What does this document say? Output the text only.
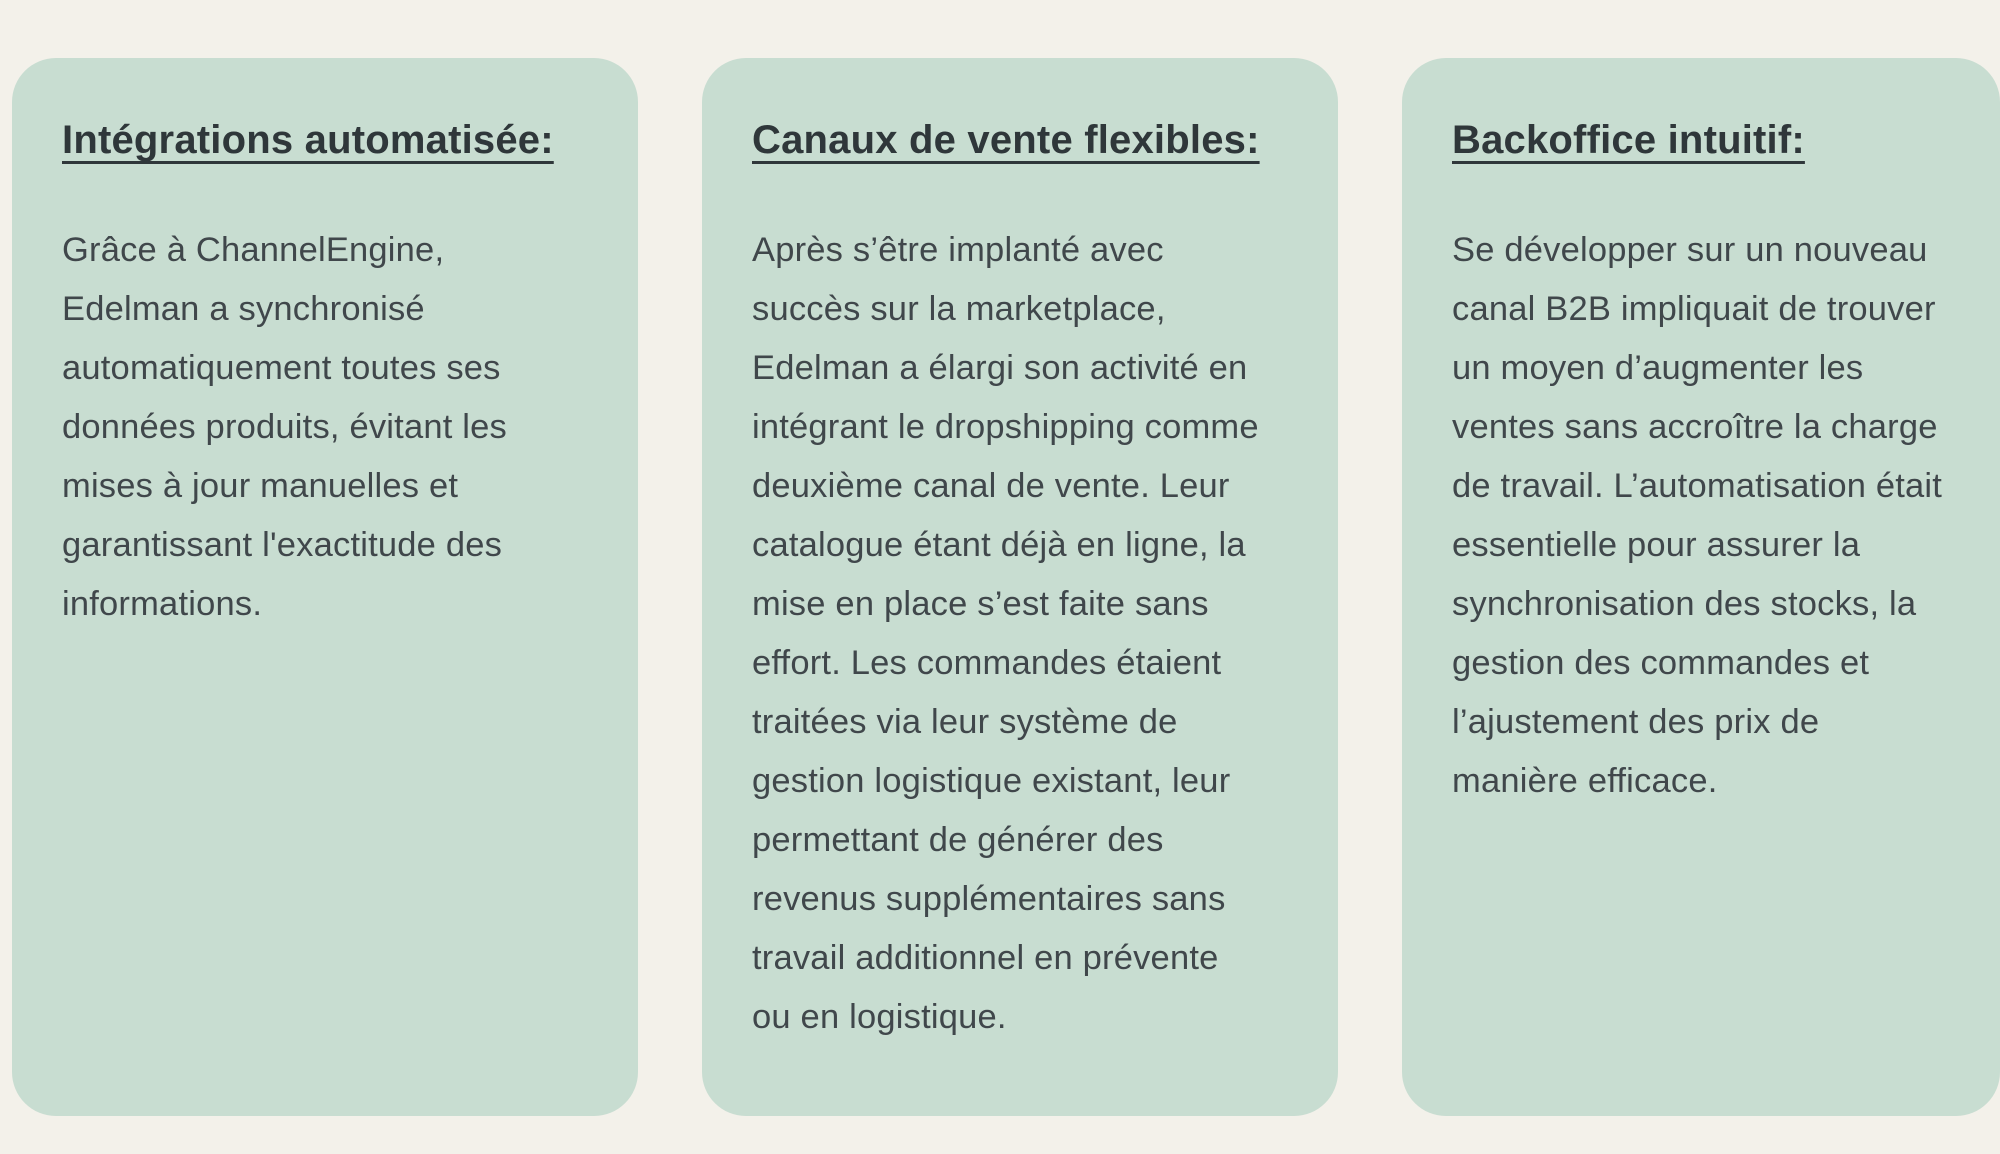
Intégrations automatisée:
Grâce à ChannelEngine, Edelman a synchronisé automatiquement toutes ses données produits, évitant les mises à jour manuelles et garantissant l'exactitude des informations.
Canaux de vente flexibles:
Après s’être implanté avec succès sur la marketplace, Edelman a élargi son activité en intégrant le dropshipping comme deuxième canal de vente. Leur catalogue étant déjà en ligne, la mise en place s’est faite sans effort. Les commandes étaient traitées via leur système de gestion logistique existant, leur permettant de générer des revenus supplémentaires sans travail additionnel en prévente ou en logistique.
Backoffice intuitif:
Se développer sur un nouveau canal B2B impliquait de trouver un moyen d’augmenter les ventes sans accroître la charge de travail. L’automatisation était essentielle pour assurer la synchronisation des stocks, la gestion des commandes et l’ajustement des prix de manière efficace.
